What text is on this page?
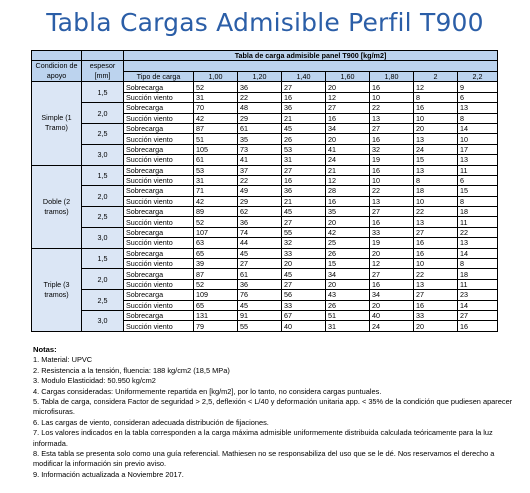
Tabla Cargas Admisible Perfil T900
		Tabla de carga admisible panel T900 [kg/m2]							
Condicion de apoyo	espesor [mm]								
		Tipo de carga	1,00	1,20	1,40	1,60	1,80	2	2,2
Simple (1 Tramo)	1,5	Sobrecarga	52	36	27	20	16	12	9
		Succión viento	31	22	16	12	10	8	6
	2,0	Sobrecarga	70	48	36	27	22	16	13
		Succión viento	42	29	21	16	13	10	8
	2,5	Sobrecarga	87	61	45	34	27	20	14
		Succión viento	51	35	26	20	16	13	10
	3,0	Sobrecarga	105	73	53	41	32	24	17
		Succión viento	61	41	31	24	19	15	13
Doble (2 tramos)	1,5	Sobrecarga	53	37	27	21	16	13	11
		Succión viento	31	22	16	12	10	8	6
	2,0	Sobrecarga	71	49	36	28	22	18	15
		Succión viento	42	29	21	16	13	10	8
	2,5	Sobrecarga	89	62	45	35	27	22	18
		Succión viento	52	36	27	20	16	13	11
	3,0	Sobrecarga	107	74	55	42	33	27	22
		Succión viento	63	44	32	25	19	16	13
Triple (3 tramos)	1,5	Sobrecarga	65	45	33	26	20	16	14
		Succión viento	39	27	20	15	12	10	8
	2,0	Sobrecarga	87	61	45	34	27	22	18
		Succión viento	52	36	27	20	16	13	11
	2,5	Sobrecarga	109	76	56	43	34	27	23
		Succión viento	65	45	33	26	20	16	14
	3,0	Sobrecarga	131	91	67	51	40	33	27
		Succión viento	79	55	40	31	24	20	16
Notas:
1. Material: UPVC
2. Resistencia a la tensión, fluencia: 188 kg/cm2 (18,5 MPa)
3. Modulo Elasticidad: 50.950 kg/cm2
4. Cargas consideradas: Uniformemente repartida en [kg/m2], por lo tanto, no considera cargas puntuales.
5. Tabla de carga, considera Factor de seguridad > 2,5, deflexión < L/40 y deformación unitaria app. < 35% de la condición que pudiesen aparecer microfisuras.
6. Las cargas de viento, consideran adecuada distribución de fijaciones.
7. Los valores indicados en la tabla corresponden a la carga máxima admisible uniformemente distribuida calculada teóricamente para la luz informada.
8. Esta tabla se presenta solo como una guía referencial. Mathiesen no se responsabiliza del uso que se le dé. Nos reservamos el derecho a modificar la información sin previo aviso.
9. Información actualizada a Noviembre 2017.
